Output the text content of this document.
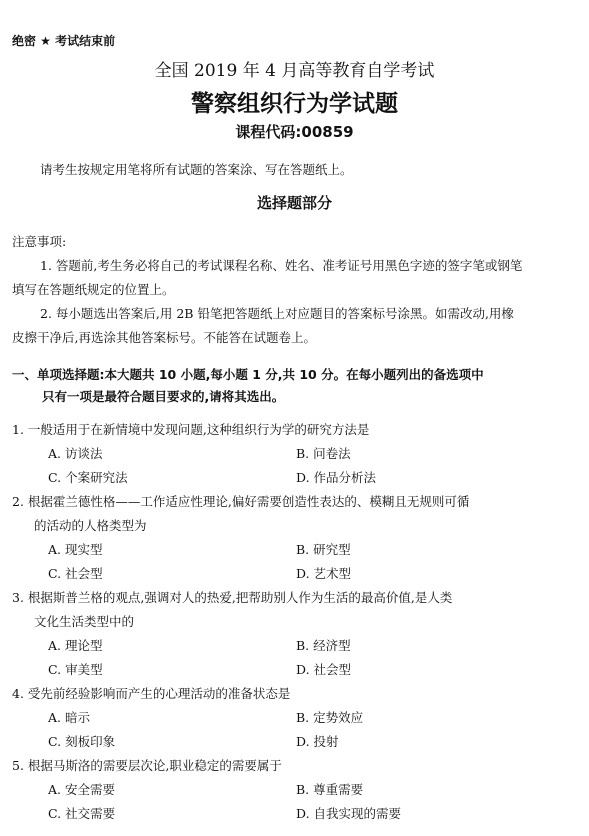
绝密 ★ 考试结束前
全国 2019 年 4 月高等教育自学考试
警察组织行为学试题
课程代码:00859
请考生按规定用笔将所有试题的答案涂、写在答题纸上。
选择题部分
注意事项:
1. 答题前,考生务必将自己的考试课程名称、姓名、准考证号用黑色字迹的签字笔或钢笔
填写在答题纸规定的位置上。
2. 每小题选出答案后,用 2B 铅笔把答题纸上对应题目的答案标号涂黑。如需改动,用橡
皮擦干净后,再选涂其他答案标号。不能答在试题卷上。
一、单项选择题:本大题共 10 小题,每小题 1 分,共 10 分。在每小题列出的备选项中
只有一项是最符合题目要求的,请将其选出。
1. 一般适用于在新情境中发现问题,这种组织行为学的研究方法是
A. 访谈法	B. 问卷法
C. 个案研究法	D. 作品分析法
2. 根据霍兰德性格——工作适应性理论,偏好需要创造性表达的、模糊且无规则可循
的活动的人格类型为
A. 现实型	B. 研究型
C. 社会型	D. 艺术型
3. 根据斯普兰格的观点,强调对人的热爱,把帮助别人作为生活的最高价值,是人类
文化生活类型中的
A. 理论型	B. 经济型
C. 审美型	D. 社会型
4. 受先前经验影响而产生的心理活动的准备状态是
A. 暗示	B. 定势效应
C. 刻板印象	D. 投射
5. 根据马斯洛的需要层次论,职业稳定的需要属于
A. 安全需要	B. 尊重需要
C. 社交需要	D. 自我实现的需要
